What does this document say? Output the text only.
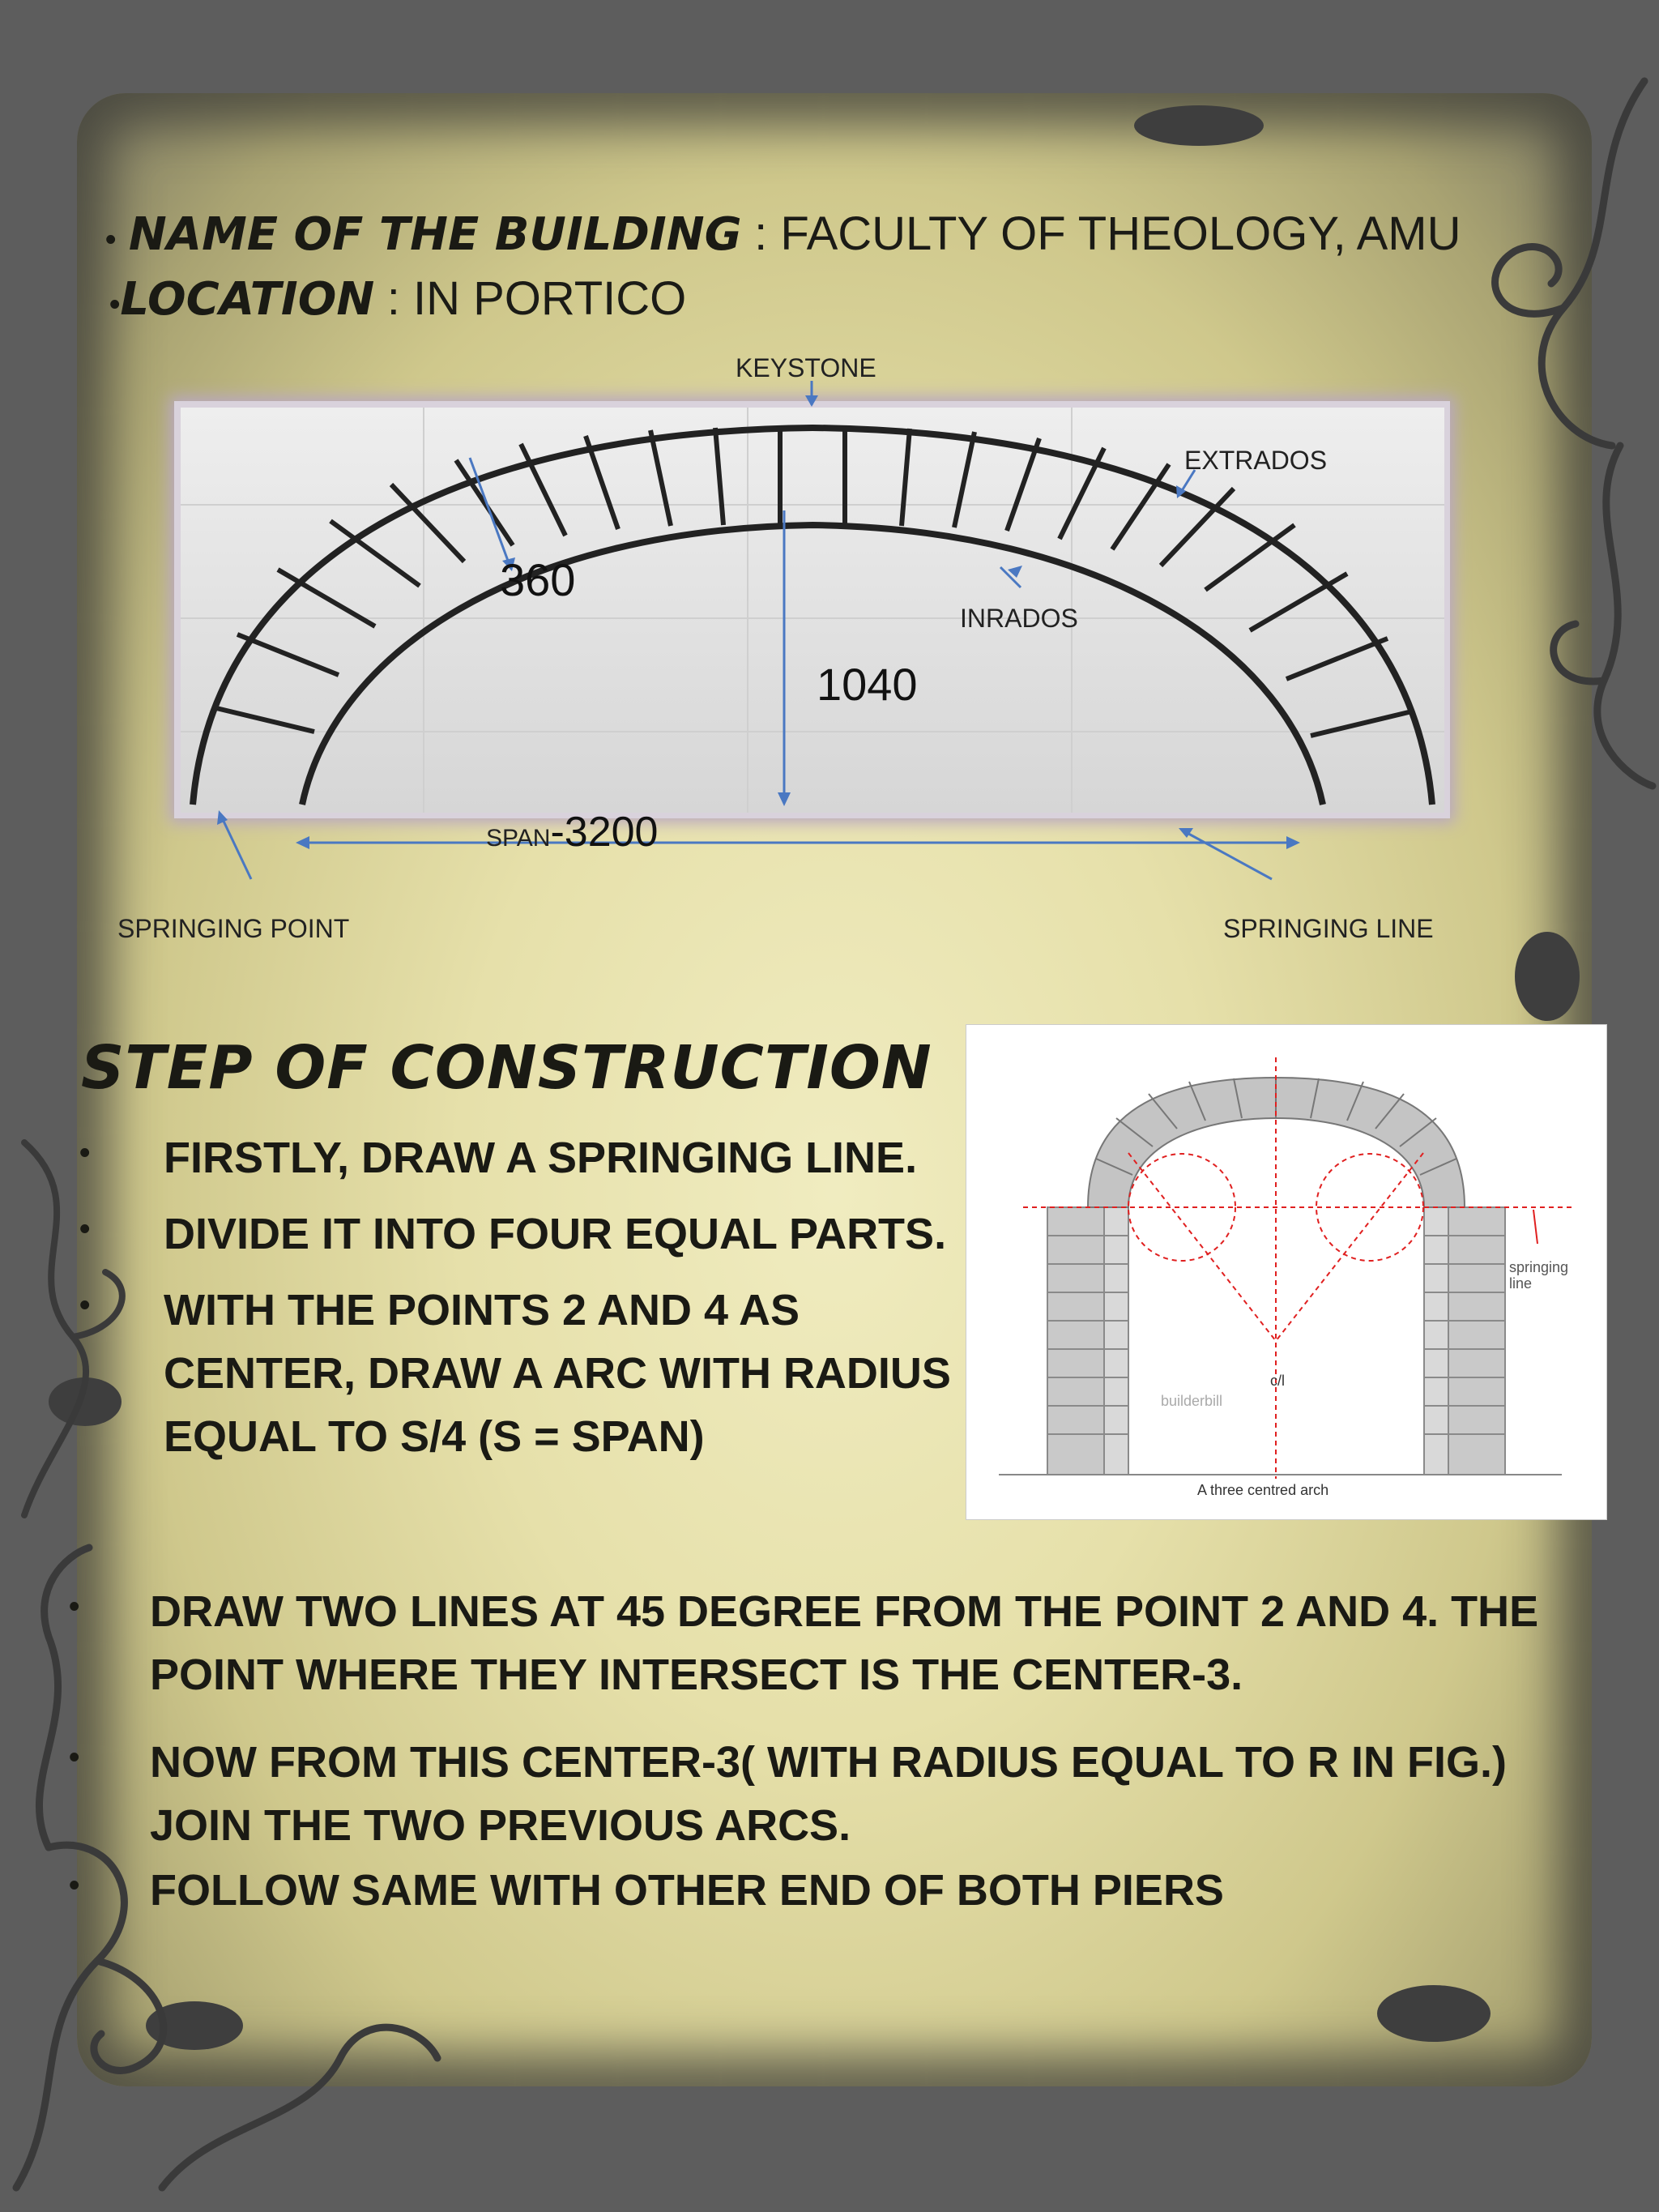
• NAME OF THE BUILDING : FACULTY OF THEOLOGY, AMU
•LOCATION : IN PORTICO
KEYSTONE
EXTRADOS
INRADOS
360
1040
SPAN-3200
SPRINGING POINT	SPRINGING LINE
STEP OF CONSTRUCTION
• FIRSTLY, DRAW A SPRINGING LINE.
• DIVIDE IT INTO FOUR EQUAL PARTS.
• WITH THE POINTS 2 AND 4 AS CENTER, DRAW A ARC WITH RADIUS EQUAL TO S/4 (S = SPAN)
springing
line
c/l
builderbill
A three centred arch
• DRAW TWO LINES AT 45 DEGREE FROM THE POINT 2 AND 4. THE POINT WHERE THEY INTERSECT IS THE CENTER-3.
• NOW FROM THIS CENTER-3( WITH RADIUS EQUAL TO R IN FIG.) JOIN THE TWO PREVIOUS ARCS.
• FOLLOW SAME WITH OTHER END OF BOTH PIERS
